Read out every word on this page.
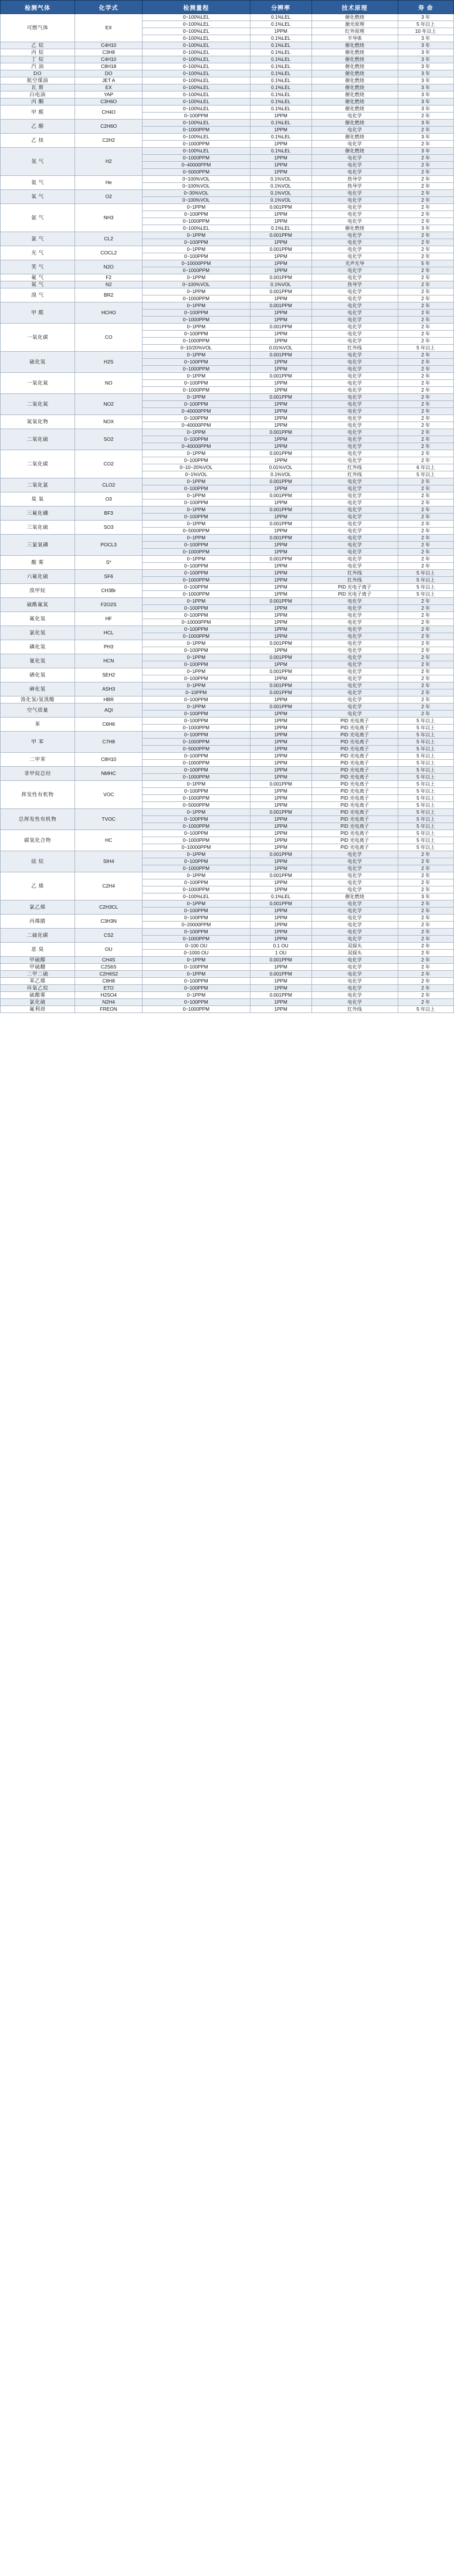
检测气体	化学式	检测量程	分辨率	技术原理	寿 命
可燃气体	EX	0~100%LEL	0.1%LEL	催化燃烧	3 年
		0~100%LEL	0.1%LEL	激光原理	5 年以上
		0~100%LEL	1PPM	红外原理	10 年以上
		0~100%LEL	0.1%LEL	半导体	3 年
乙 烷	C4H10	0~100%LEL	0.1%LEL	催化燃烧	3 年
丙 烷	C3H8	0~100%LEL	0.1%LEL	催化燃烧	3 年
丁 烷	C4H10	0~100%LEL	0.1%LEL	催化燃烧	3 年
汽 油	C8H18	0~100%LEL	0.1%LEL	催化燃烧	3 年
DO	DO	0~100%LEL	0.1%LEL	催化燃烧	3 年
航空煤油	JET A	0~100%LEL	0.1%LEL	催化燃烧	3 年
瓦 斯	EX	0~100%LEL	0.1%LEL	催化燃烧	3 年
白电油	YAP	0~100%LEL	0.1%LEL	催化燃烧	3 年
丙 酮	C3H6O	0~100%LEL	0.1%LEL	催化燃烧	3 年
甲 醛	CH4O	0~100%LEL	0.1%LEL	催化燃烧	3 年
		0~100PPM	1PPM	电化学	2 年
乙 醇	C2H6O	0~100%LEL	0.1%LEL	催化燃烧	3 年
		0~1000PPM	1PPM	电化学	2 年
乙 炔	C2H2	0~100%LEL	0.1%LEL	催化燃烧	3 年
		0~1000PPM	1PPM	电化学	2 年
氢 气	H2	0~100%LEL	0.1%LEL	催化燃烧	3 年
		0~1000PPM	1PPM	电化学	2 年
		0~40000PPM	1PPM	电化学	2 年
		0~5000PPM	1PPM	电化学	2 年
氦 气	He	0~100%VOL	0.1%VOL	热导学	2 年
		0~100%VOL	0.1%VOL	热导学	2 年
氧 气	O2	0~30%VOL	0.1%VOL	电化学	2 年
		0~100%VOL	0.1%VOL	电化学	2 年
氨 气	NH3	0~1PPM	0.001PPM	电化学	2 年
		0~100PPM	1PPM	电化学	2 年
		0~1000PPM	1PPM	电化学	2 年
		0~100%LEL	0.1%LEL	催化燃烧	3 年
氯 气	CL2	0~1PPM	0.001PPM	电化学	2 年
		0~100PPM	1PPM	电化学	2 年
光 气	COCL2	0~1PPM	0.001PPM	电化学	2 年
		0~100PPM	1PPM	电化学	2 年
笑 气	N2O	0~10000PPM	1PPM	光声光导	5 年
		0~1000PPM	1PPM	电化学	2 年
氟 气	F2	0~1PPM	0.001PPM	电化学	2 年
氮 气	N2	0~100%VOL	0.1%VOL	热导学	2 年
溴 气	BR2	0~1PPM	0.001PPM	电化学	2 年
		0~1000PPM	1PPM	电化学	2 年
甲 醛	HCHO	0~1PPM	0.001PPM	电化学	2 年
		0~100PPM	1PPM	电化学	2 年
		0~1000PPM	1PPM	电化学	2 年
一氧化碳	CO	0~1PPM	0.001PPM	电化学	2 年
		0~100PPM	1PPM	电化学	2 年
		0~1000PPM	1PPM	电化学	2 年
		0~10/20%VOL	0.01%VOL	红外线	5 年以上
硫化氢	H2S	0~1PPM	0.001PPM	电化学	2 年
		0~100PPM	1PPM	电化学	2 年
		0~1000PPM	1PPM	电化学	2 年
一氧化氮	NO	0~1PPM	0.001PPM	电化学	2 年
		0~100PPM	1PPM	电化学	2 年
		0~1000PPM	1PPM	电化学	2 年
二氧化氮	NO2	0~1PPM	0.001PPM	电化学	2 年
		0~100PPM	1PPM	电化学	2 年
		0~40000PPM	1PPM	电化学	2 年
氮氧化物	NOX	0~100PPM	1PPM	电化学	2 年
		0~40000PPM	1PPM	电化学	2 年
二氧化硫	SO2	0~1PPM	0.001PPM	电化学	2 年
		0~100PPM	1PPM	电化学	2 年
		0~40000PPM	1PPM	电化学	2 年
二氧化碳	CO2	0~1PPM	0.001PPM	电化学	2 年
		0~100PPM	1PPM	电化学	2 年
		0~10~20%VOL	0.01%VOL	红外线	6 年以上
		0~1%VOL	0.1%VOL	红外线	5 年以上
二氧化氯	CLO2	0~1PPM	0.001PPM	电化学	2 年
		0~100PPM	1PPM	电化学	2 年
臭 氧	O3	0~1PPM	0.001PPM	电化学	2 年
		0~100PPM	1PPM	电化学	2 年
三氟化硼	BF3	0~1PPM	0.001PPM	电化学	2 年
		0~100PPM	1PPM	电化学	2 年
三氧化硫	SO3	0~1PPM	0.001PPM	电化学	2 年
		0~5000PPM	1PPM	电化学	2 年
三氯氧磷	POCL3	0~1PPM	0.001PPM	电化学	2 年
		0~100PPM	1PPM	电化学	2 年
		0~1000PPM	1PPM	电化学	2 年
酸 雾	S*	0~1PPM	0.001PPM	电化学	2 年
		0~100PPM	1PPM	电化学	2 年
六氟化硫	SF6	0~100PPM	1PPM	红外线	5 年以上
		0~1000PPM	1PPM	红外线	5 年以上
溴甲烷	CH3Br	0~100PPM	1PPM	PID 光电子离子	5 年以上
		0~1000PPM	1PPM	PID 光电子离子	5 年以上
硫酰氟氧	F2O2S	0~1PPM	0.001PPM	电化学	2 年
		0~100PPM	1PPM	电化学	2 年
氟化氢	HF	0~100PPM	1PPM	电化学	2 年
		0~10000PPM	1PPM	电化学	2 年
氯化氢	HCL	0~100PPM	1PPM	电化学	2 年
		0~1000PPM	1PPM	电化学	2 年
磷化氢	PH3	0~1PPM	0.001PPM	电化学	2 年
		0~100PPM	1PPM	电化学	2 年
氰化氢	HCN	0~1PPM	0.001PPM	电化学	2 年
		0~100PPM	1PPM	电化学	2 年
硒化氢	SEH2	0~1PPM	0.001PPM	电化学	2 年
		0~100PPM	1PPM	电化学	2 年
砷化氢	ASH3	0~1PPM	0.001PPM	电化学	2 年
		0~10PPM	0.001PPM	电化学	2 年
溴化氢/氢溴酸	HBR	0~100PPM	1PPM	电化学	2 年
空气质量	AQI	0~1PPM	0.001PPM	电化学	2 年
		0~100PPM	1PPM	电化学	2 年
苯	C6H6	0~100PPM	1PPM	PID 光电离子	5 年以上
		0~1000PPM	1PPM	PID 光电离子	5 年以上
甲 苯	C7H8	0~100PPM	1PPM	PID 光电离子	5 年以上
		0~1000PPM	1PPM	PID 光电离子	5 年以上
		0~5000PPM	1PPM	PID 光电离子	5 年以上
二甲苯	C8H10	0~100PPM	1PPM	PID 光电离子	5 年以上
		0~1000PPM	1PPM	PID 光电离子	5 年以上
非甲烷总烃	NMHC	0~100PPM	1PPM	PID 光电离子	5 年以上
		0~1000PPM	1PPM	PID 光电离子	5 年以上
挥发性有机物	VOC	0~1PPM	0.001PPM	PID 光电离子	5 年以上
		0~100PPM	1PPM	PID 光电离子	5 年以上
		0~1000PPM	1PPM	PID 光电离子	5 年以上
		0~5000PPM	1PPM	PID 光电离子	5 年以上
总挥发性有机物	TVOC	0~1PPM	0.001PPM	PID 光电离子	5 年以上
		0~100PPM	1PPM	PID 光电离子	5 年以上
		0~1000PPM	1PPM	PID 光电离子	5 年以上
碳氢化合物	HC	0~100PPM	1PPM	PID 光电离子	5 年以上
		0~1000PPM	1PPM	PID 光电离子	5 年以上
		0~10000PPM	1PPM	PID 光电离子	5 年以上
硅 烷	SIH4	0~1PPM	0.001PPM	电化学	2 年
		0~100PPM	1PPM	电化学	2 年
		0~1000PPM	1PPM	电化学	2 年
乙 烯	C2H4	0~1PPM	0.001PPM	电化学	2 年
		0~100PPM	1PPM	电化学	2 年
		0~1000PPM	1PPM	电化学	2 年
		0~100%LEL	0.1%LEL	催化燃烧	3 年
氯乙烯	C2H3CL	0~1PPM	0.001PPM	电化学	2 年
		0~100PPM	1PPM	电化学	2 年
丙烯腈	C3H3N	0~100PPM	1PPM	电化学	2 年
		0~20000PPM	1PPM	电化学	2 年
二硫化碳	CS2	0~100PPM	1PPM	电化学	2 年
		0~1000PPM	1PPM	电化学	2 年
恶 臭	OU	0~100 OU	0.1 OU	双探头	2 年
		0~1000 OU	1 OU	双探头	2 年
甲硫醇	CH4S	0~1PPM	0.001PPM	电化学	2 年
甲硫醚	C2S6S	0~100PPM	1PPM	电化学	2 年
二甲二硫	C2H6S2	0~1PPM	0.001PPM	电化学	2 年
苯乙烯	C8H8	0~100PPM	1PPM	电化学	2 年
环氧乙烷	ETO	0~100PPM	1PPM	电化学	2 年
硫酸雾	H2SO4	0~1PPM	0.001PPM	电化学	2 年
氯化硫	N2H4	0~100PPM	1PPM	电化学	2 年
氟利昂	FREON	0~1000PPM	1PPM	红外线	5 年以上
